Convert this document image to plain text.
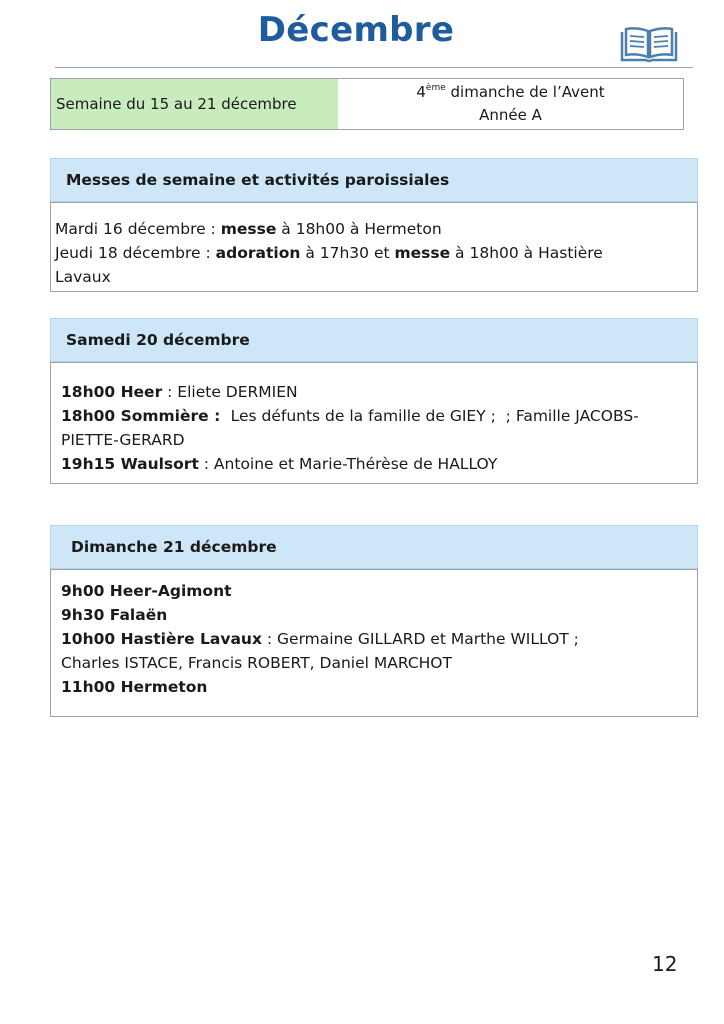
Décembre
Semaine du 15 au 21 décembre
4ème dimanche de l’Avent
Année A
Messes de semaine et activités paroissiales
Mardi 16 décembre : messe à 18h00 à Hermeton
Jeudi 18 décembre : adoration à 17h30 et messe à 18h00 à Hastière
Lavaux
Samedi 20 décembre
18h00 Heer : Eliete DERMIEN
18h00 Sommière :  Les défunts de la famille de GIEY ;  ; Famille JACOBS-
PIETTE-GERARD
19h15 Waulsort : Antoine et Marie-Thérèse de HALLOY
Dimanche 21 décembre
9h00 Heer-Agimont
9h30 Falaën
10h00 Hastière Lavaux : Germaine GILLARD et Marthe WILLOT ;
Charles ISTACE, Francis ROBERT, Daniel MARCHOT
11h00 Hermeton
12
